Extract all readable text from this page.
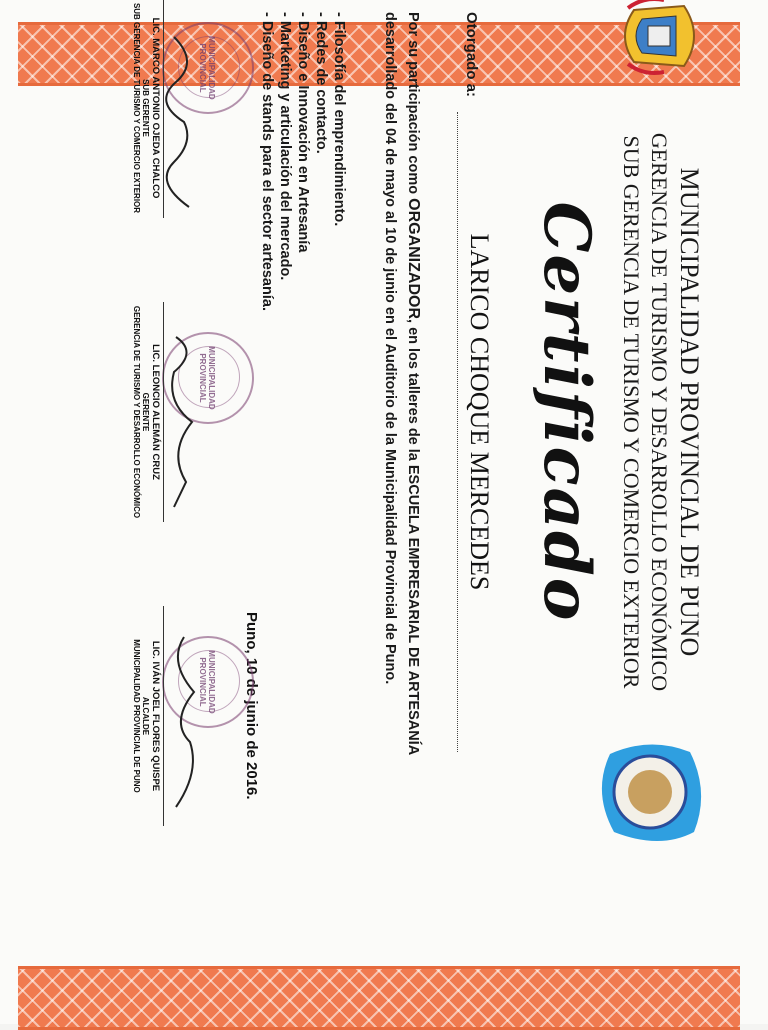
MUNICIPALIDAD PROVINCIAL DE PUNO
GERENCIA DE TURISMO Y DESARROLLO ECONÓMICO
SUB GERENCIA DE TURISMO Y COMERCIO EXTERIOR
Certificado
Otorgado a:
LARICO CHOQUE MERCEDES
Por su participación como ORGANIZADOR, en los talleres de la ESCUELA EMPRESARIAL DE ARTESANÍA
desarrollado del 04 de mayo al 10 de junio en el Auditorio de la Municipalidad Provincial de Puno.
- Filosofía del emprendimiento.
- Redes de contacto.
- Diseño e Innovación en Artesanía
- Marketing y articulación del mercado.
- Diseño de stands para el sector artesanía.
Puno, 10 de junio de 2016.
MUNICIPALIDAD PROVINCIAL
MUNICIPALIDAD PROVINCIAL
MUNICIPALIDAD PROVINCIAL
LIC. MARCO ANTONIO OJEDA CHALCO
SUB GERENTE
SUB GERENCIA DE TURISMO Y COMERCIO EXTERIOR
LIC. LEONCIO ALEMÁN CRUZ
GERENTE
GERENCIA DE TURISMO Y DESARROLLO ECONÓMICO
LIC. IVÁN JOEL FLORES QUISPE
ALCALDE
MUNICIPALIDAD PROVINCIAL DE PUNO
